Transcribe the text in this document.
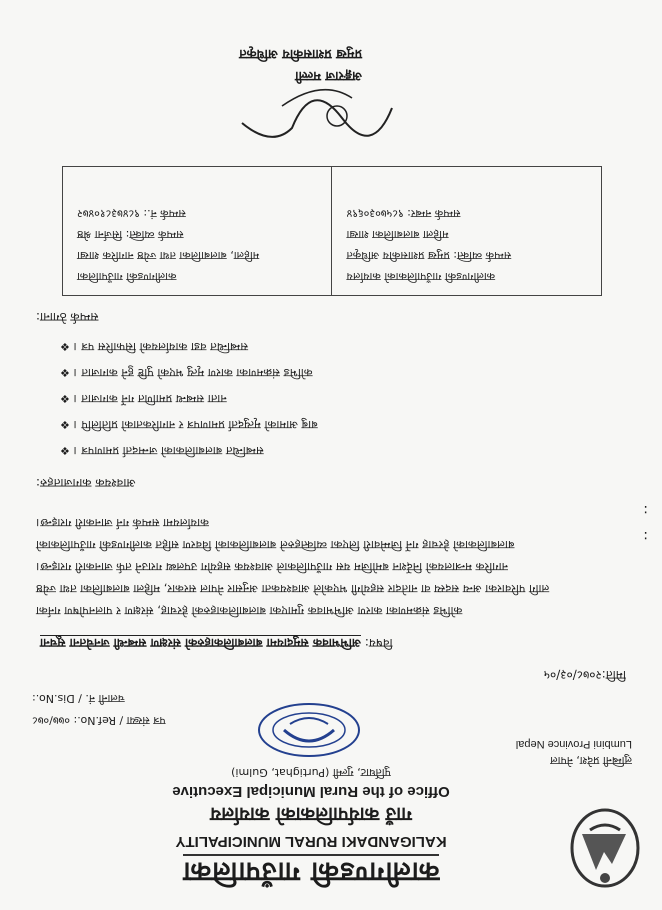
कालीगण्डकी गाउँपालिका
KALIGANDAKI RURAL MUNICIPALITY
गाउँ कार्यपालिकाको कार्यालय
Office of the Rural Municipal Executive
पुर्तिघाट, गुल्मी (Purtighat, Gulmi)
लुम्बिनी प्रदेश, नेपाल
Lumbini Province Nepal
पत्र संख्या / Ref.No.: ०७७/०७८
चलानी नं. / Dis.No.:
मिति:२०७८/०३/०५
विषय: अभिभावक समुदायमा बालबालिकाहरुको संरक्षण सम्बन्धी जनचेतना सूचना

कोभिड संक्रमणका कारण अभिभावक गुमाएका बालबालिकाहरुको हेरचाह, संरक्षण र पालनपोषण गर्नका

लागि परिवारका अन्य सदस्य वा नातेदार सहयोगी भएकोले आवश्यकता अनुसार नेपाल सरकार, महिला बालबालिका तथा ज्येष्ठ

नागरिक मन्त्रालयको निर्देशन बमोजिम यस गाउँपालिकाले आवश्यक सहयोग उपलब्ध गराउने तर्फ जानकारी गराइन्छ।

बालबालिकाको हेरचाह गर्ने जिम्मेवारी लिएका व्यक्तिहरुले बालबालिकाको विवरण सहित कालीगण्डकी गाउँपालिकाको

कार्यालयमा सम्पर्क गर्न जानकारी गराइन्छ।

:
:
आवश्यक कागजातहरु:
सम्बन्धित बालबालिकाको जन्मदर्ता प्रमाणपत्र । ❖
बाबु आमाको मृत्युदर्ता प्रमाणपत्र र नागरिकताको प्रतिलिपि । ❖
नाता सम्बन्ध प्रमाणित गर्ने कागजात । ❖
कोभिड संक्रमणका कारण मृत्यु भएको पुष्टि हुने कागजात । ❖
सम्बन्धित वडा कार्यालयको सिफारिस पत्र । ❖
सम्पर्क ठेगाना:
कालीगण्डकी गाउँपालिकाको कार्यालय
सम्पर्क व्यक्ति: प्रमुख प्रशासकीय अधिकृत
महिला बालबालिका शाखा
सम्पर्क नम्बर: ९८५७०३०६९४
कालीगण्डकी गाउँपालिका
महिला, बालबालिका तथा ज्येष्ठ नागरिक शाखा
सम्पर्क व्यक्ति: सिर्जना श्रेष्ठ
सम्पर्क नं.: ९८४७३८१०४७२
अङ्गराज मल्ली
प्रमुख प्रशासकीय अधिकृत
